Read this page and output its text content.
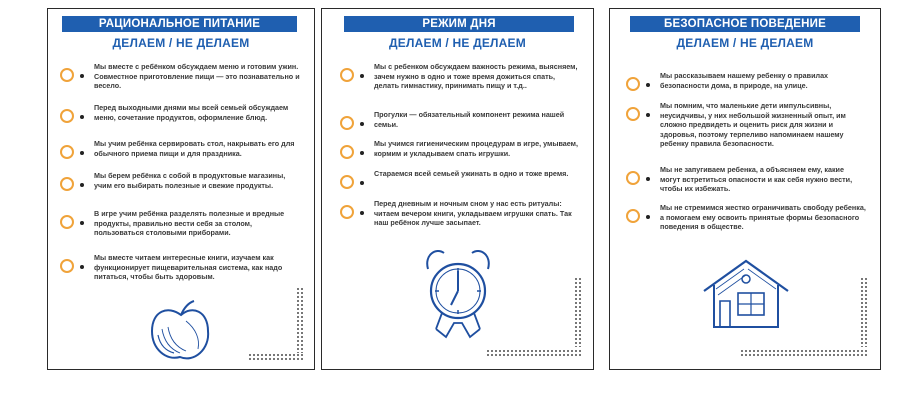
РАЦИОНАЛЬНОЕ ПИТАНИЕ
ДЕЛАЕМ / НЕ ДЕЛАЕМ
Мы вместе с ребёнком обсуждаем меню и готовим ужин. Совместное приготовление пищи — это познавательно и весело.
Перед выходными днями мы всей семьей обсуждаем меню, сочетание продуктов, оформление блюд.
Мы учим ребёнка сервировать стол, накрывать его для обычного приема пищи и для праздника.
Мы берем ребёнка с собой в продуктовые магазины, учим его выбирать полезные и свежие продукты.
В игре учим ребёнка разделять полезные и вредные продукты, правильно вести себя за столом, пользоваться столовыми приборами.
Мы вместе читаем интересные книги, изучаем как функционирует пищеварительная система, как надо питаться, чтобы быть здоровым.
РЕЖИМ ДНЯ
ДЕЛАЕМ / НЕ ДЕЛАЕМ
Мы с ребенком обсуждаем важность режима, выясняем, зачем нужно в одно и тоже время дожиться спать, делать гимнастику, принимать пищу и т.д..
Прогулки — обязательный компонент режима нашей семьи.
Мы учимся гигиеническим процедурам в игре, умываем, кормим и укладываем спать игрушки.
Стараемся всей семьей ужинать в одно и тоже время.
Перед дневным и ночным сном у нас есть ритуалы: читаем вечером книги, укладываем игрушки спать. Так наш ребёнок лучше засыпает.
БЕЗОПАСНОЕ ПОВЕДЕНИЕ
ДЕЛАЕМ / НЕ ДЕЛАЕМ
Мы рассказываем нашему ребенку о правилах безопасности дома, в природе, на улице.
Мы помним, что маленькие дети импульсивны, неусидчивы, у них небольшой жизненный опыт, им сложно предвидеть и оценить риск для жизни и здоровья, поэтому терпеливо напоминаем нашему ребенку правила безопасности.
Мы не запугиваем ребенка, а объясняем ему, какие могут встретиться опасности и как себя нужно вести, чтобы их избежать.
Мы не стремимся жестко ограничивать свободу ребенка, а помогаем ему освоить принятые формы безопасного поведения в обществе.
